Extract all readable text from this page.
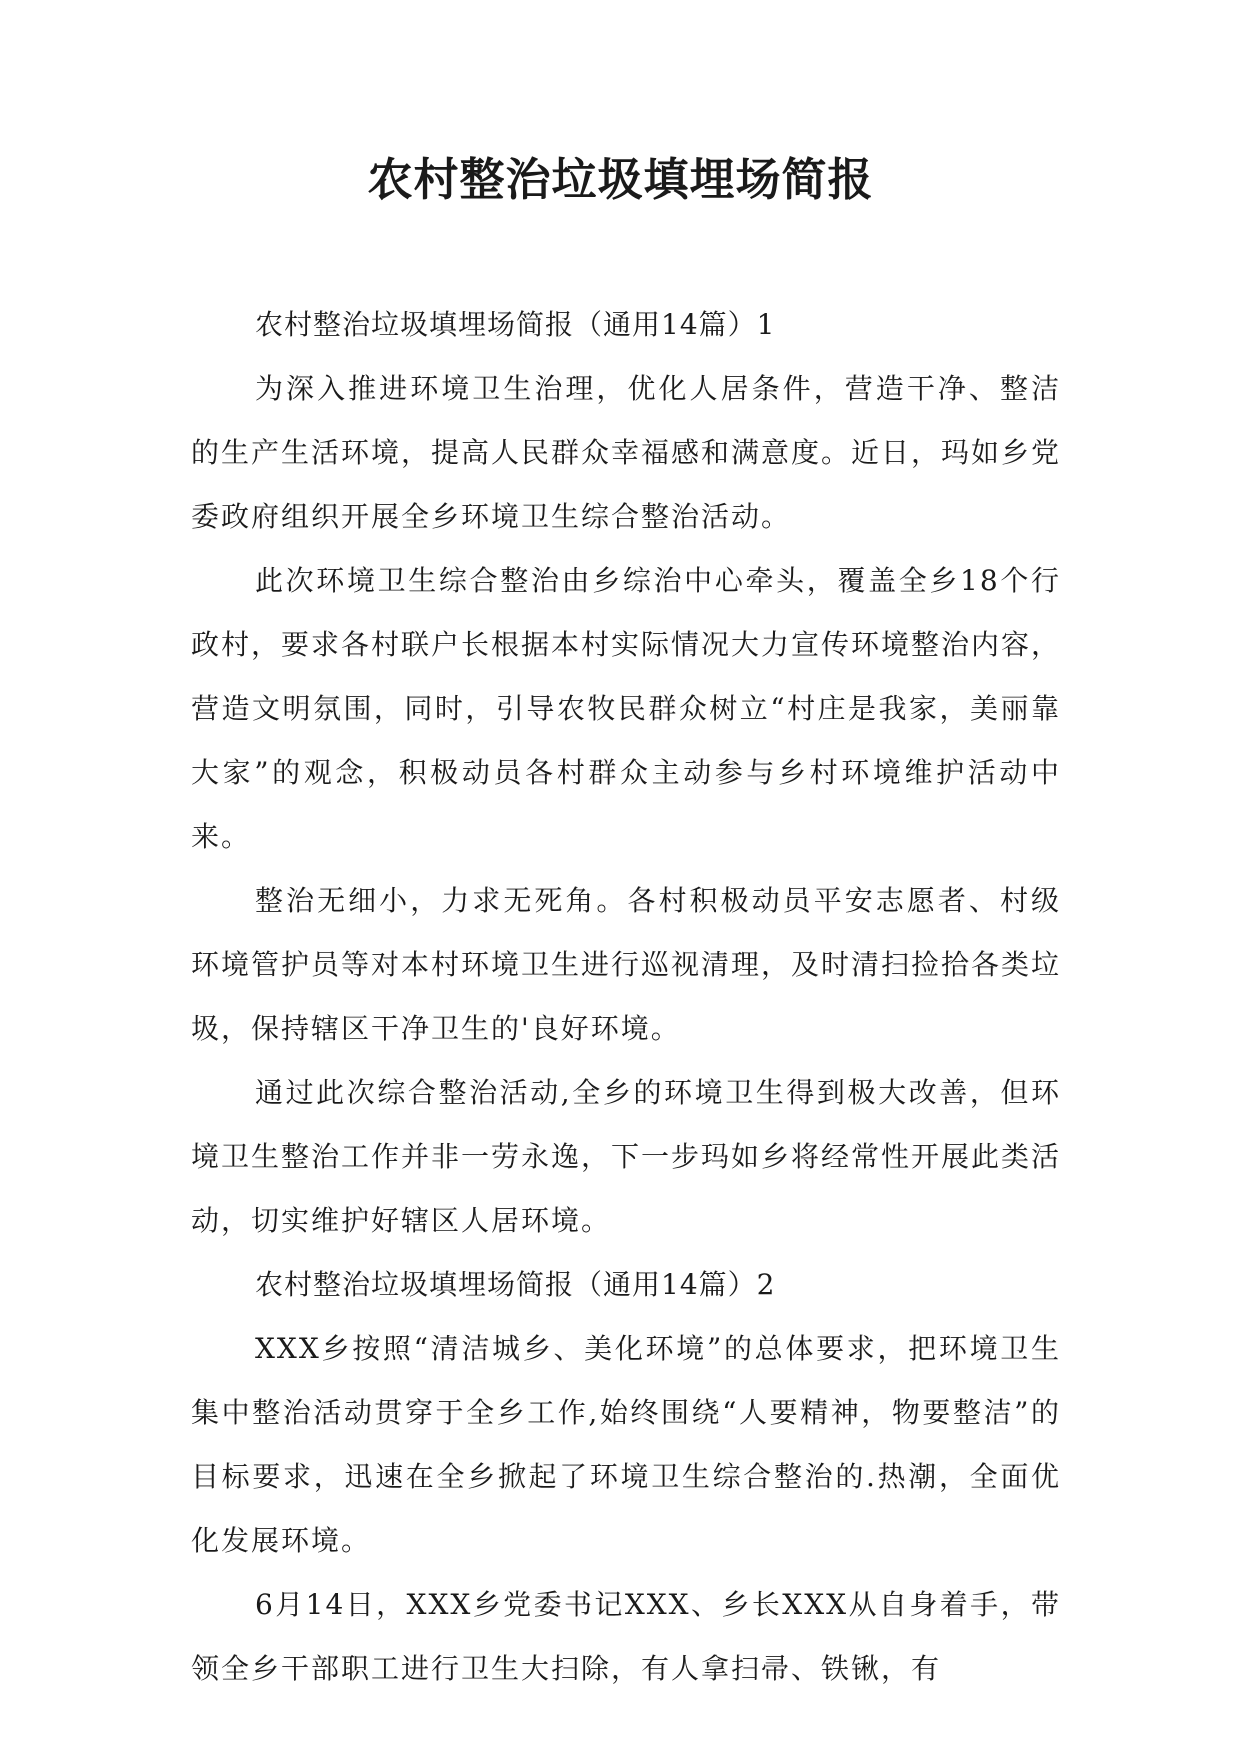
农村整治垃圾填埋场简报

农村整治垃圾填埋场简报（通用14篇）1

为深入推进环境卫生治理，优化人居条件，营造干净、整洁的生产生活环境，提高人民群众幸福感和满意度。近日，玛如乡党委政府组织开展全乡环境卫生综合整治活动。

此次环境卫生综合整治由乡综治中心牵头，覆盖全乡18个行政村，要求各村联户长根据本村实际情况大力宣传环境整治内容，营造文明氛围，同时，引导农牧民群众树立“村庄是我家，美丽靠大家”的观念，积极动员各村群众主动参与乡村环境维护活动中来。

整治无细小，力求无死角。各村积极动员平安志愿者、村级环境管护员等对本村环境卫生进行巡视清理，及时清扫捡拾各类垃圾，保持辖区干净卫生的'良好环境。

通过此次综合整治活动,全乡的环境卫生得到极大改善，但环境卫生整治工作并非一劳永逸，下一步玛如乡将经常性开展此类活动，切实维护好辖区人居环境。

农村整治垃圾填埋场简报（通用14篇）2

XXX乡按照“清洁城乡、美化环境”的总体要求，把环境卫生集中整治活动贯穿于全乡工作,始终围绕“人要精神，物要整洁”的目标要求，迅速在全乡掀起了环境卫生综合整治的.热潮，全面优化发展环境。

6月14日，XXX乡党委书记XXX、乡长XXX从自身着手，带领全乡干部职工进行卫生大扫除，有人拿扫帚、铁锹，有
